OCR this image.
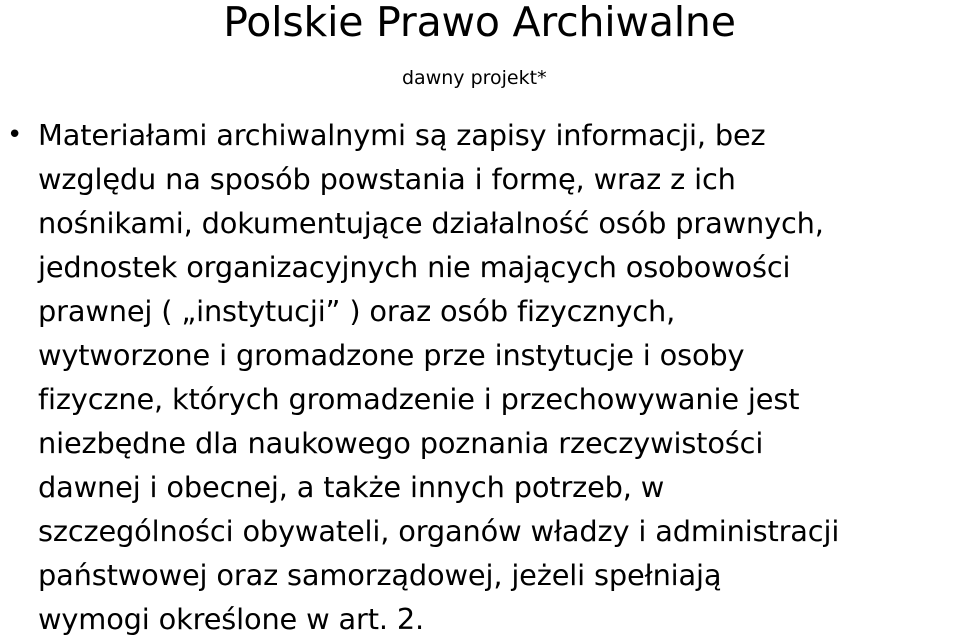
Polskie Prawo Archiwalne
dawny projekt*
• Materiałami archiwalnymi są zapisy informacji, bez
względu na sposób powstania i formę, wraz z ich
nośnikami, dokumentujące działalność osób prawnych,
jednostek organizacyjnych nie mających osobowości
prawnej ( „instytucji” ) oraz osób fizycznych,
wytworzone i gromadzone prze instytucje i osoby
fizyczne, których gromadzenie i przechowywanie jest
niezbędne dla naukowego poznania rzeczywistości
dawnej i obecnej, a także innych potrzeb, w
szczególności obywateli, organów władzy i administracji
państwowej oraz samorządowej, jeżeli spełniają
wymogi określone w art. 2.
